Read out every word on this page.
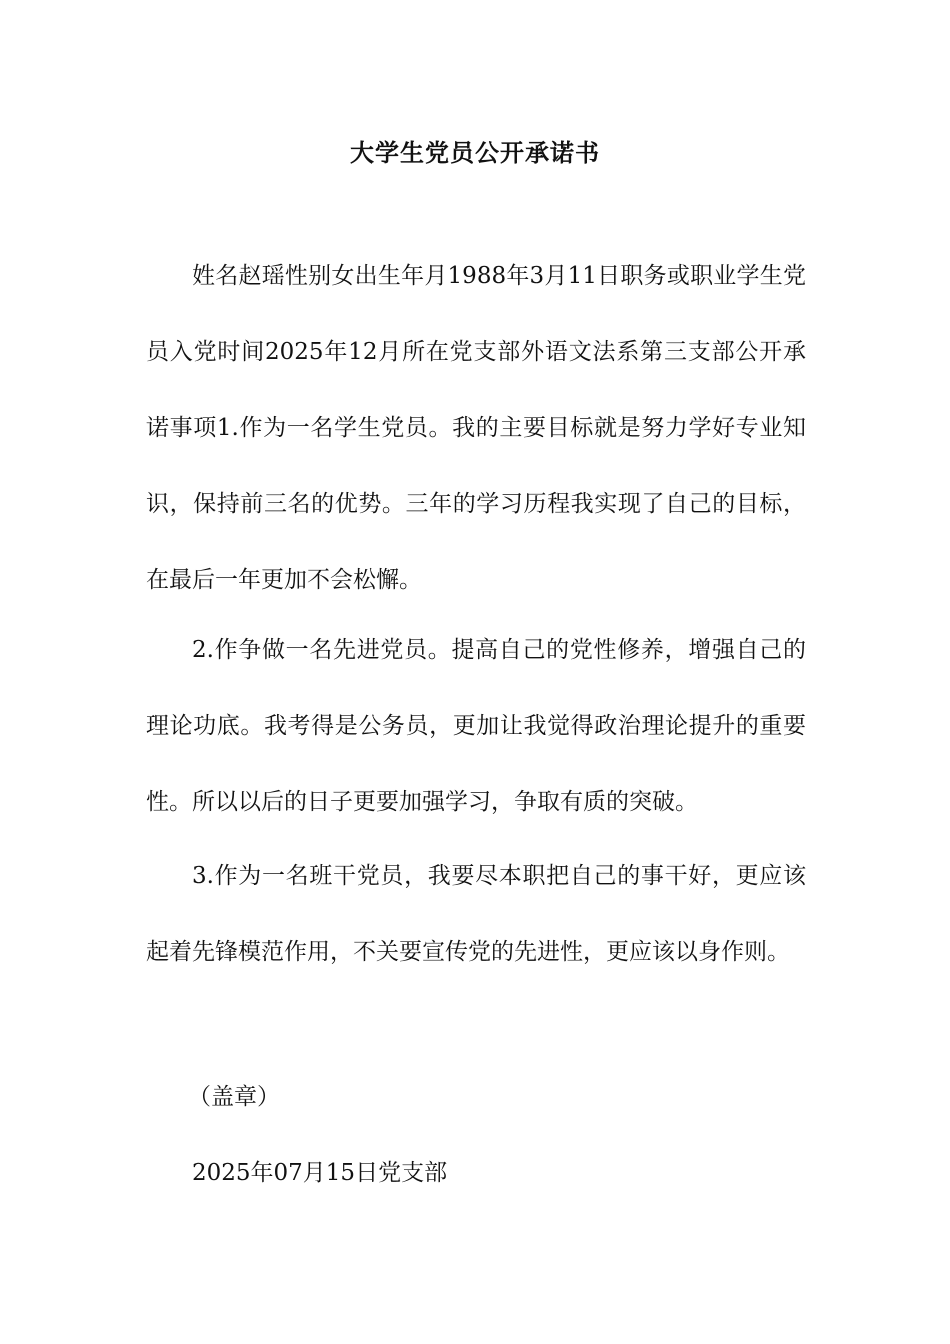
大学生党员公开承诺书

姓名赵瑶性别女出生年月1988年3月11日职务或职业学生党员入党时间2025年12月所在党支部外语文法系第三支部公开承诺事项1.作为一名学生党员。我的主要目标就是努力学好专业知识，保持前三名的优势。三年的学习历程我实现了自己的目标，在最后一年更加不会松懈。

2.作争做一名先进党员。提高自己的党性修养，增强自己的理论功底。我考得是公务员，更加让我觉得政治理论提升的重要性。所以以后的日子更要加强学习，争取有质的突破。

3.作为一名班干党员，我要尽本职把自己的事干好，更应该起着先锋模范作用，不关要宣传党的先进性，更应该以身作则。

（盖章）
2025年07月15日党支部
